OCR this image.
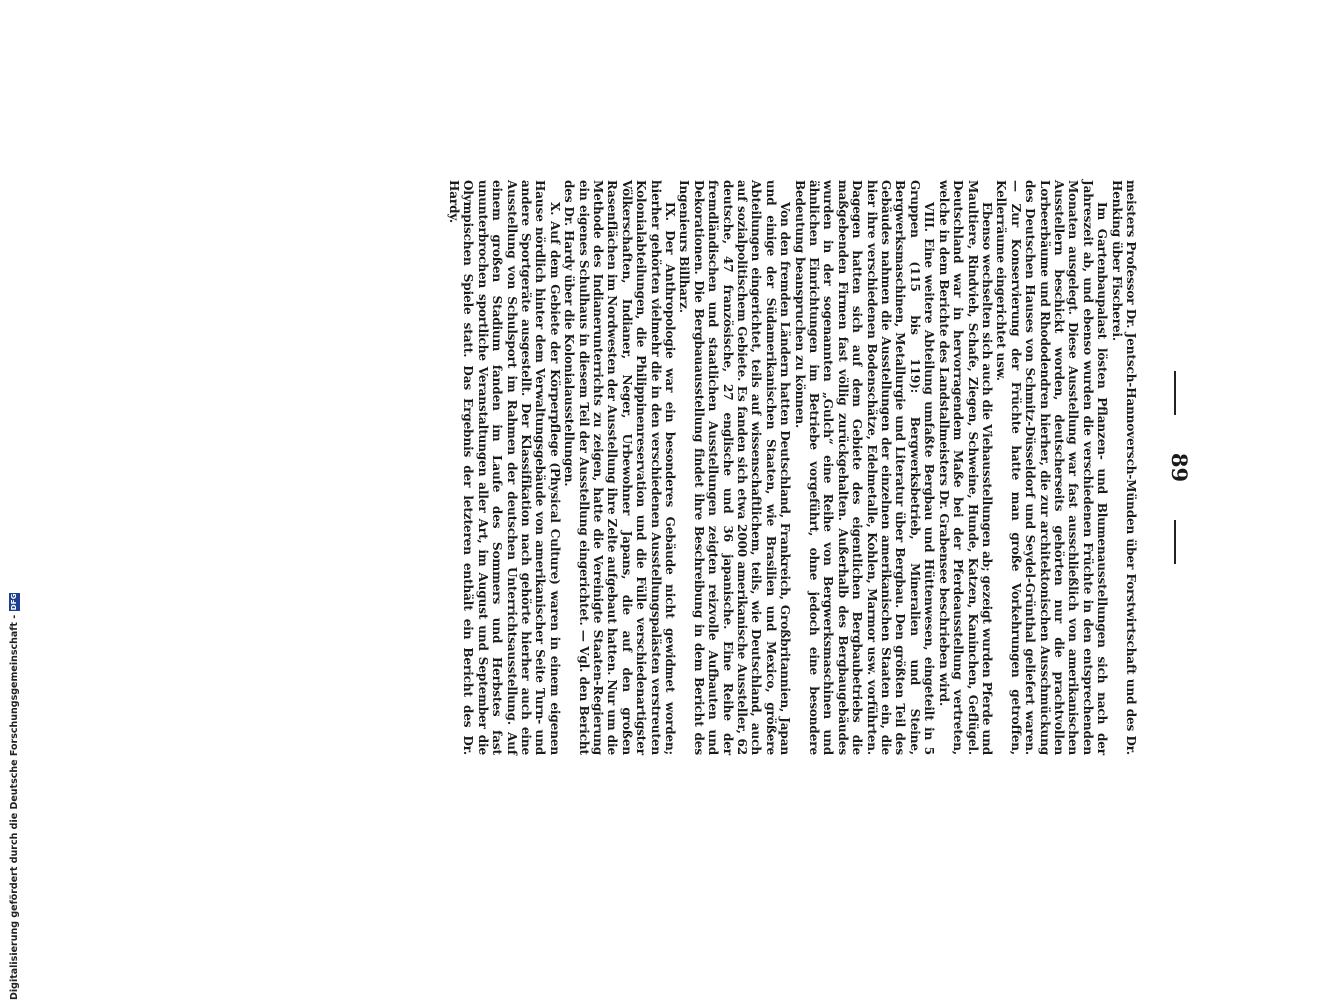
89

meisters Professor Dr. Jentsch-Hannoversch-Münden über Forstwirtschaft und des Dr. Henking über Fischerei.

Im Gartenbaupalast lösten Pflanzen- und Blumenausstellungen sich nach der Jahreszeit ab, und ebenso wurden die verschiedenen Früchte in den entsprechenden Monaten ausgelegt. Diese Ausstellung war fast ausschließlich von amerikanischen Ausstellern beschickt worden, deutscherseits gehörten nur die prachtvollen Lorbeerbäume und Rhododendren hierher, die zur architektonischen Ausschmückung des Deutschen Hauses von Schmitz-Düsseldorf und Seydel-Grünthal geliefert waren. — Zur Konservierung der Früchte hatte man große Vorkehrungen getroffen, Kellerräume eingerichtet usw.

Ebenso wechselten sich auch die Viehausstellungen ab; gezeigt wurden Pferde und Maultiere, Rindvieh, Schafe, Ziegen, Schweine, Hunde, Katzen, Kaninchen, Geflügel. Deutschland war in hervorragendem Maße bei der Pferdeausstellung vertreten, welche in dem Berichte des Landstallmeisters Dr. Grabensee beschrieben wird.

VIII. Eine weitere Abteilung umfaßte Bergbau und Hüttenwesen, eingeteilt in 5 Gruppen (115 bis 119): Bergwerksbetrieb, Mineralien und Steine, Bergwerksmaschinen, Metallurgie und Literatur über Bergbau. Den größten Teil des Gebäudes nahmen die Ausstellungen der einzelnen amerikanischen Staaten ein, die hier ihre verschiedenen Bodenschätze, Edelmetalle, Kohlen, Marmor usw. vorführten. Dagegen hatten sich auf dem Gebiete des eigentlichen Bergbaubetriebs die maßgebenden Firmen fast völlig zurückgehalten. Außerhalb des Bergbaugebäudes wurden in der sogenannten „Gulch“ eine Reihe von Bergwerksmaschinen und ähnlichen Einrichtungen im Betriebe vorgeführt, ohne jedoch eine besondere Bedeutung beanspruchen zu können.

Von den fremden Ländern hatten Deutschland, Frankreich, Großbritannien, Japan und einige der Südamerikanischen Staaten, wie Brasilien und Mexico, größere Abteilungen eingerichtet, teils auf wissenschaftlichem, teils, wie Deutschland, auch auf sozialpolitischem Gebiete. Es fanden sich etwa 2000 amerikanische Aussteller, 62 deutsche, 47 französische, 27 englische und 36 japanische. Eine Reihe der fremdländischen und staatlichen Ausstellungen zeigten reizvolle Aufbauten und Dekorationen. Die Bergbauausstellung findet ihre Beschreibung in dem Bericht des Ingenieurs Billharz.

IX. Der Anthropologie war ein besonderes Gebäude nicht gewidmet worden; hierher gehörten vielmehr die in den verschiedenen Ausstellungspalästen verstreuten Kolonialabteilungen, die Philippinenreservation und die Fülle verschiedenartigster Völkerschaften, Indianer, Neger, Urbewohner Japans, die auf den großen Rasenflächen im Nordwesten der Ausstellung ihre Zelte aufgebaut hatten. Nur um die Methode des Indianerunterrichts zu zeigen, hatte die Vereinigte Staaten-Regierung ein eigenes Schulhaus in diesem Teil der Ausstellung eingerichtet. — Vgl. den Bericht des Dr. Hardy über die Kolonialausstellungen.

X. Auf dem Gebiete der Körperpflege (Physical Culture) waren in einem eigenen Hause nördlich hinter dem Verwaltungsgebäude von amerikanischer Seite Turn- und andere Sportgeräte ausgestellt. Der Klassifikation nach gehörte hierher auch eine Ausstellung von Schulsport im Rahmen der deutschen Unterrichtsausstellung. Auf einem großen Stadium fanden im Laufe des Sommers und Herbstes fast ununterbrochen sportliche Veranstaltungen aller Art, im August und September die Olympischen Spiele statt. Das Ergebnis der letzteren enthält ein Bericht des Dr. Hardy.

Digitalisierung gefördert durch die Deutsche Forschungsgemeinschaft -
DFG
